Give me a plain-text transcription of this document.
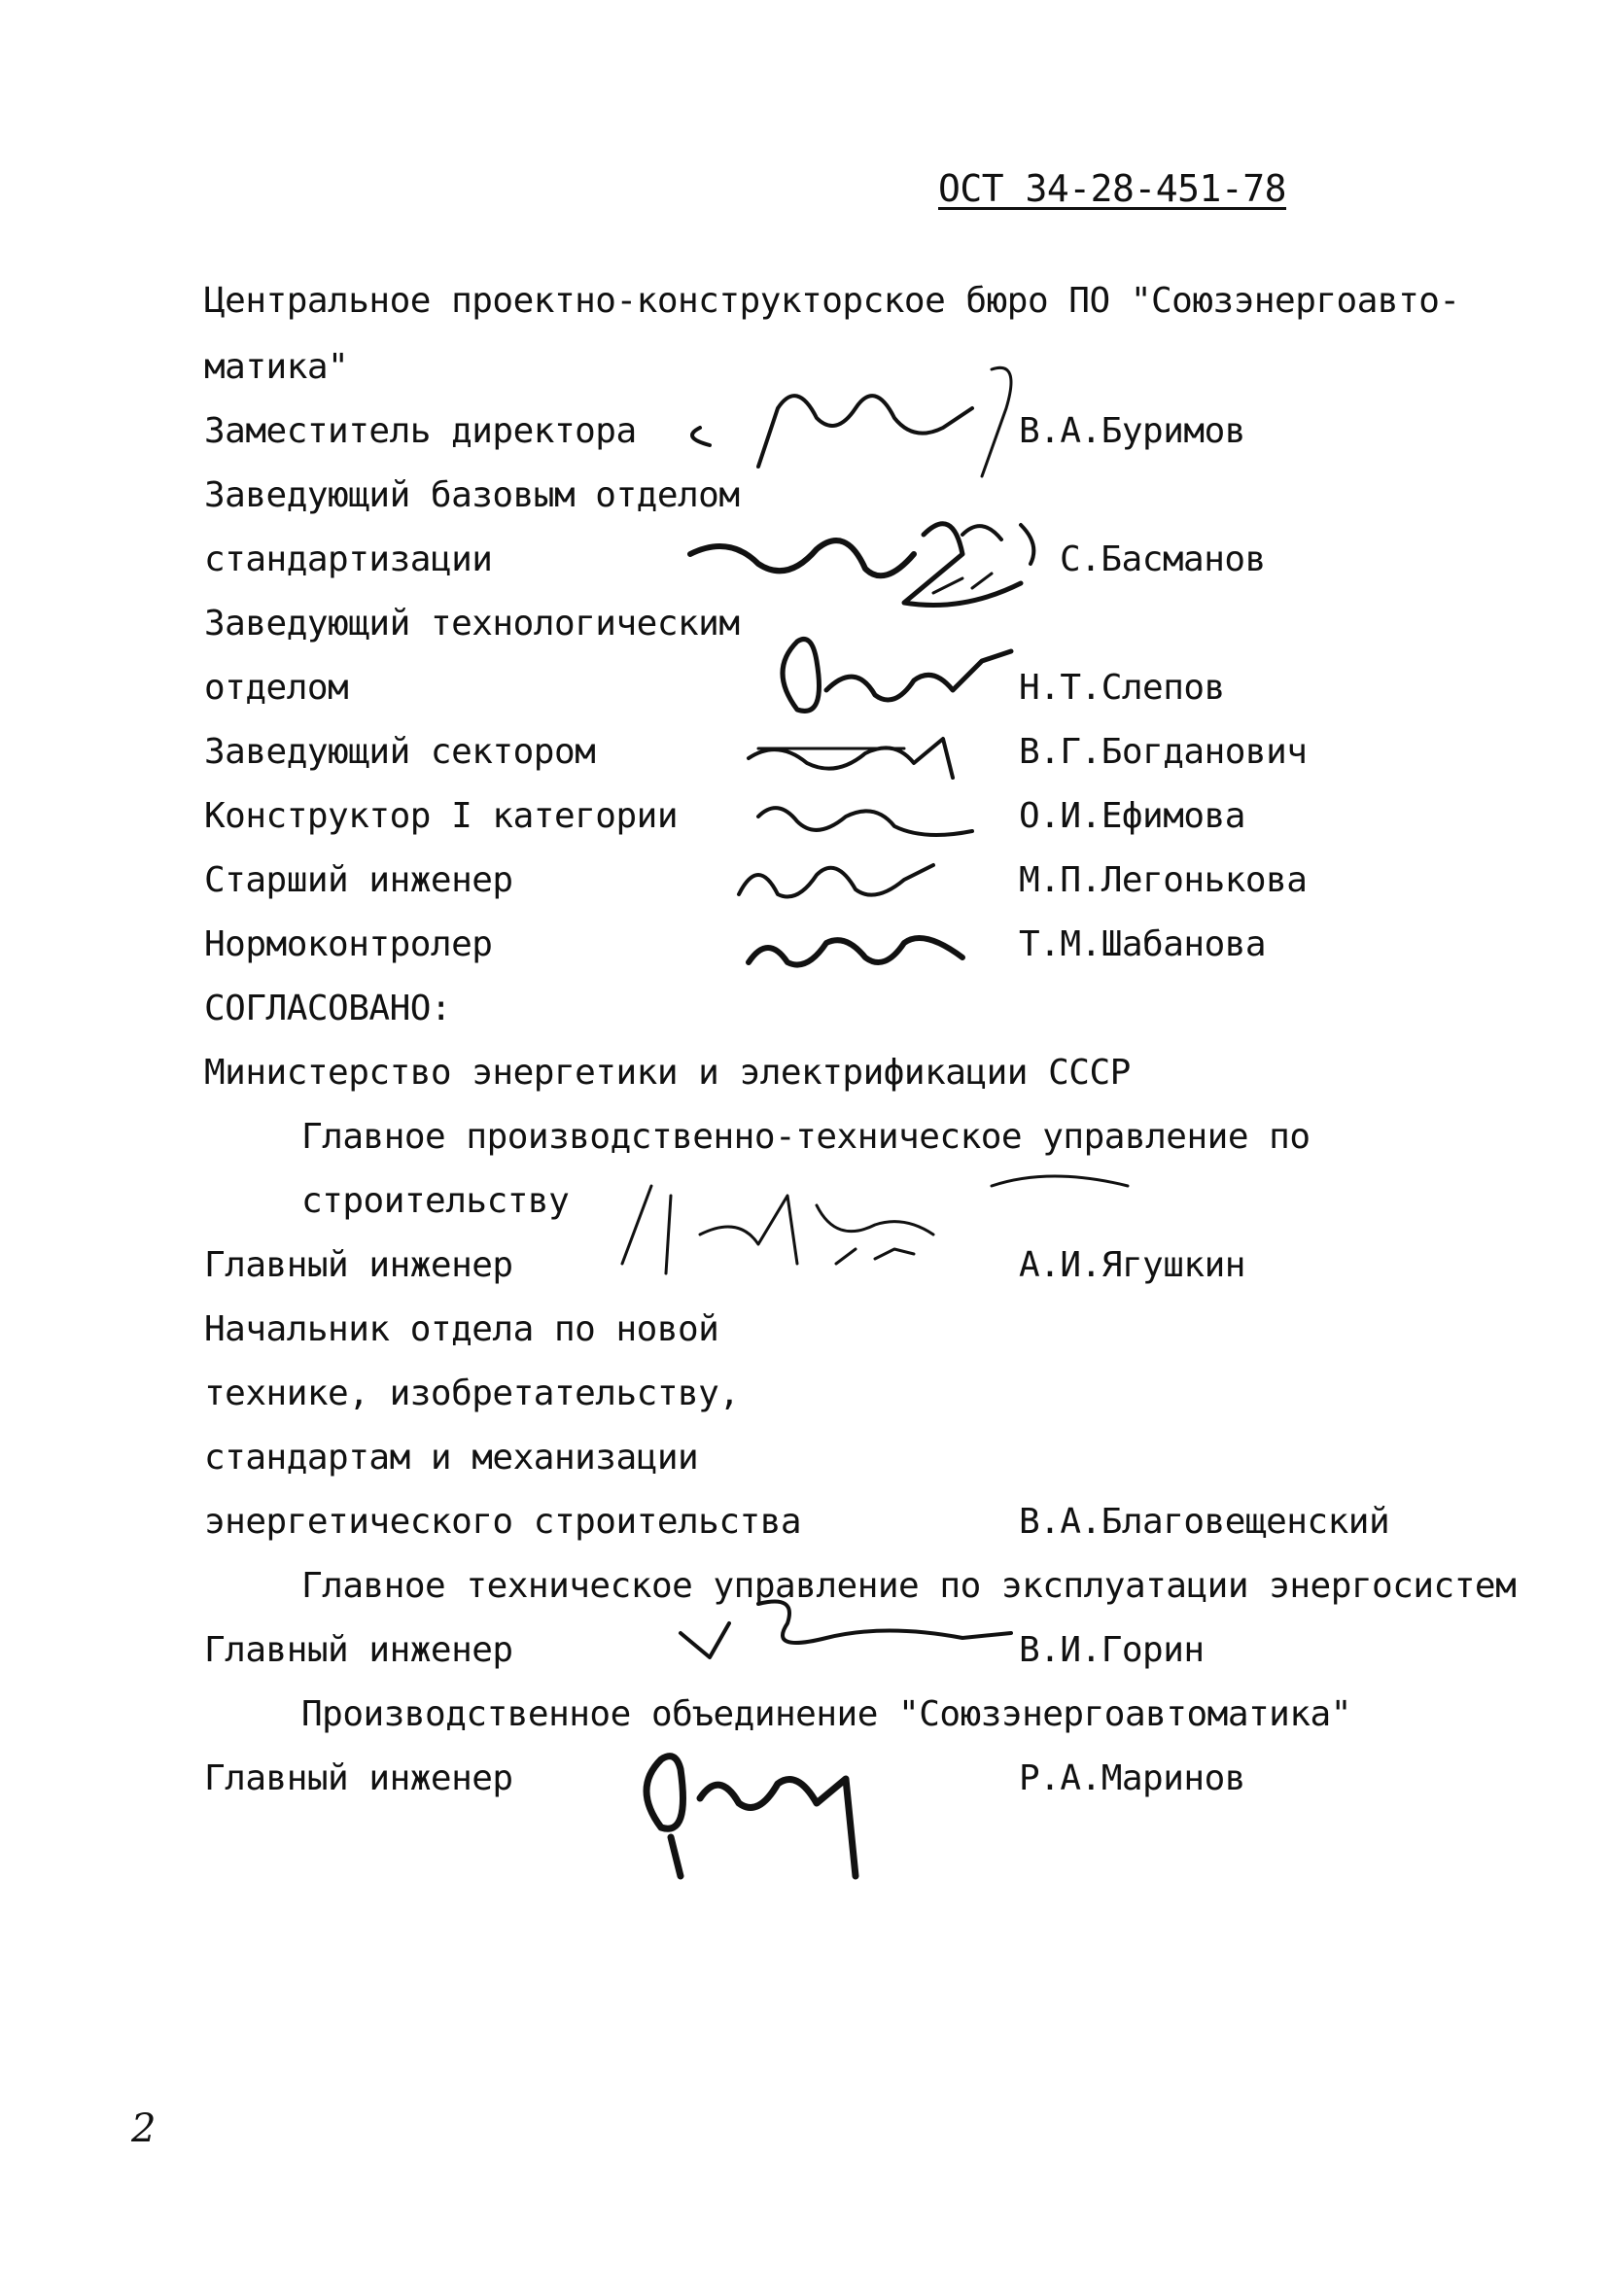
ОСТ 34-28-451-78
Центральное проектно-конструкторское бюро ПО "Союзэнергоавто-
матика"
Заместитель директора	В.А.Буримов
Заведующий базовым отделом
стандартизации	С.Басманов
Заведующий технологическим
отделом	Н.Т.Слепов
Заведующий сектором	В.Г.Богданович
Конструктор I категории	О.И.Ефимова
Старший инженер	М.П.Легонькова
Нормоконтролер	Т.М.Шабанова
СОГЛАСОВАНО:
Министерство энергетики и электрификации СССР
Главное производственно-техническое управление по
строительству
Главный инженер	А.И.Ягушкин
Начальник отдела по новой
технике, изобретательству,
стандартам и механизации
энергетического строительства	В.А.Благовещенский
Главное техническое управление по эксплуатации энергосистем
Главный инженер	В.И.Горин
Производственное объединение "Союзэнергоавтоматика"
Главный инженер	Р.А.Маринов
2
